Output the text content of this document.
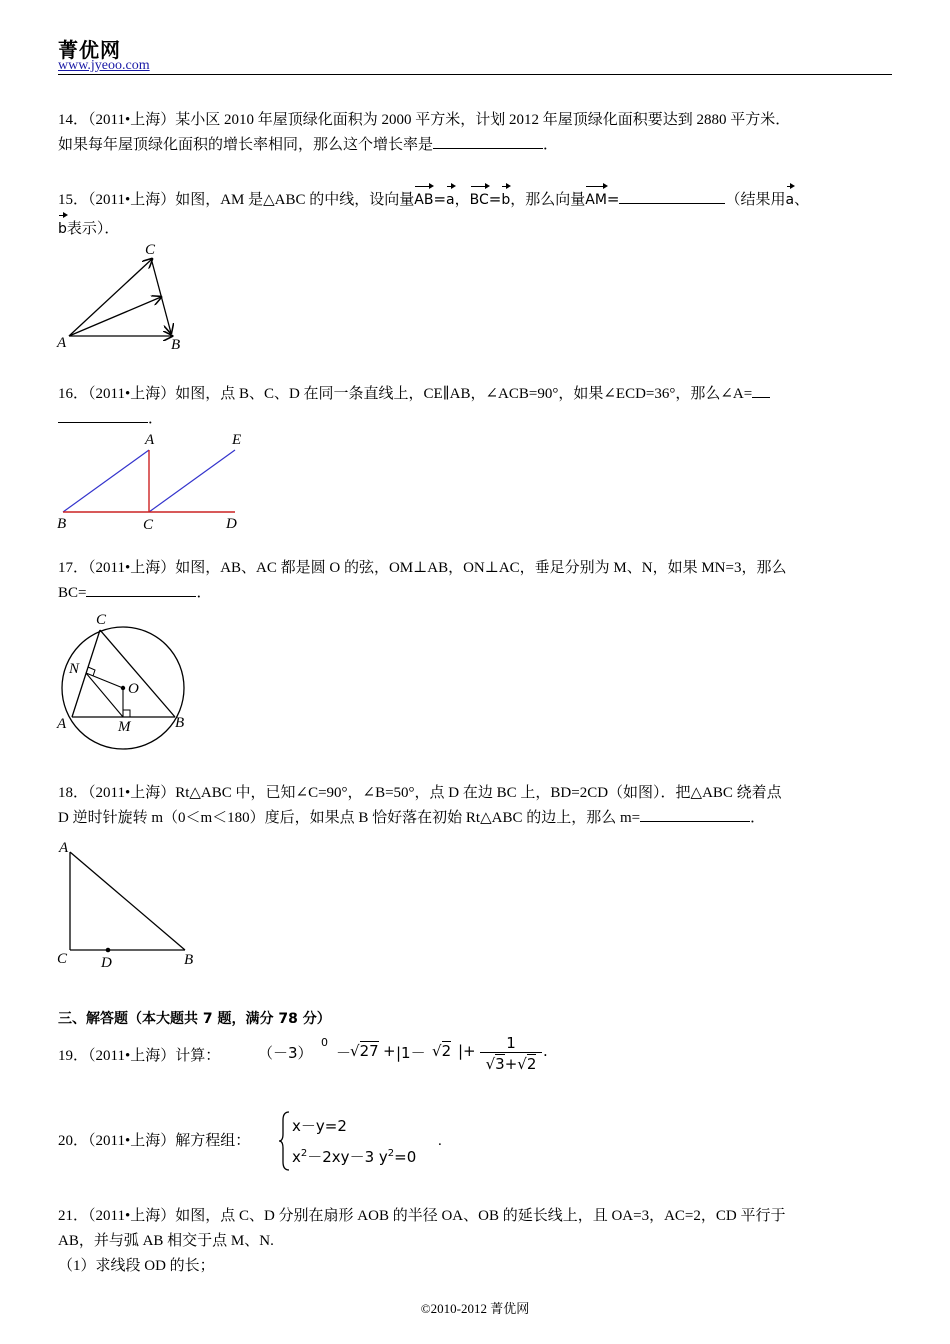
菁优网
www.jyeoo.com
14．（2011•上海）某小区 2010 年屋顶绿化面积为 2000 平方米，计划 2012 年屋顶绿化面积要达到 2880 平方米．
如果每年屋顶绿化面积的增长率相同，那么这个增长率是	．
15．（2011•上海）如图，AM 是△ABC 的中线，设向量AB=a，BC=b，那么向量AM=	（结果用a、
b表示）．
C
A	B
16．（2011•上海）如图，点 B、C、D 在同一条直线上，CE∥AB，∠ACB=90°，如果∠ECD=36°，那么∠A=
．
A	E
B	C	D
17．（2011•上海）如图，AB、AC 都是圆 O 的弦，OM⊥AB，ON⊥AC，垂足分别为 M、N，如果 MN=3，那么
BC=	．
C
N
O
A	M	B
18．（2011•上海）Rt△ABC 中，已知∠C=90°，∠B=50°，点 D 在边 BC 上，BD=2CD（如图）．把△ABC 绕着点
D 逆时针旋转 m（0＜m＜180）度后，如果点 B 恰好落在初始 Rt△ABC 的边上，那么 m=	．
A
C D	B
三、解答题（本大题共 7 题，满分 78 分）
19．（2011•上海）计算：	（－3）
0
－
√27 + |1－ √2 |+	1
√3+√2
.
20．（2011•上海）解方程组：
x－y=2
$x^2-2xy-3$ $y^2=0$
.
21．（2011•上海）如图，点 C、D 分别在扇形 AOB 的半径 OA、OB 的延长线上，且 OA=3，AC=2，CD 平行于
AB，并与弧 AB 相交于点 M、N.
（1）求线段 OD 的长；
©2010-2012 菁优网
